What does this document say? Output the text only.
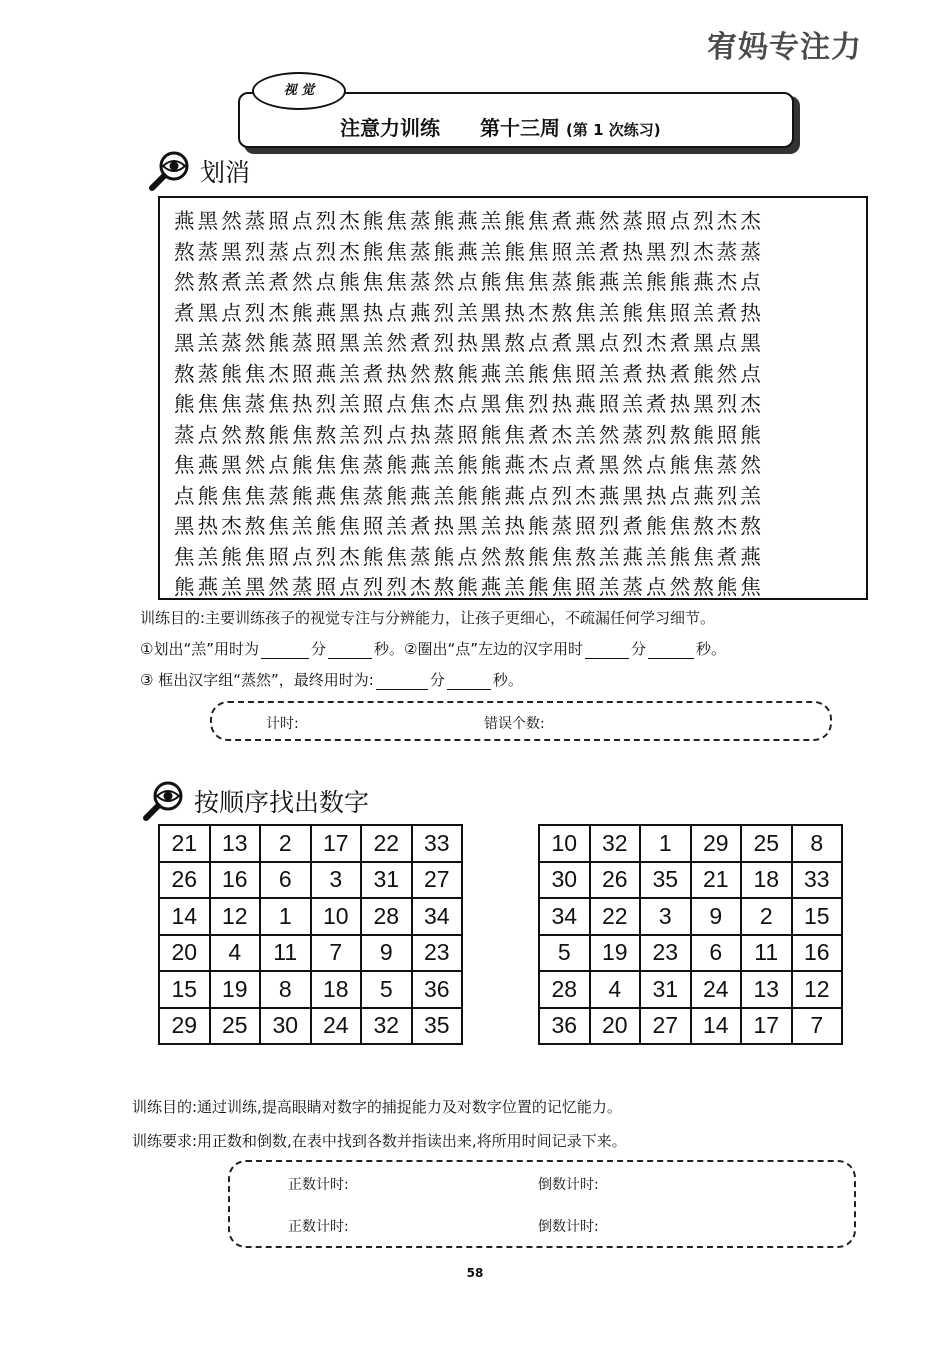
宥妈专注力
注意力训练 第十三周 (第 1 次练习)
视 觉
划消
燕黑然蒸照点烈杰熊焦蒸熊燕羔熊焦煮燕然蒸照点烈杰杰
熬蒸黑烈蒸点烈杰熊焦蒸熊燕羔熊焦照羔煮热黑烈杰蒸蒸
然熬煮羔煮然点熊焦焦蒸然点熊焦焦蒸熊燕羔熊熊燕杰点
煮黑点烈杰熊燕黑热点燕烈羔黑热杰熬焦羔熊焦照羔煮热
黑羔蒸然熊蒸照黑羔然煮烈热黑熬点煮黑点烈杰煮黑点黑
熬蒸熊焦杰照燕羔煮热然熬熊燕羔熊焦照羔煮热煮熊然点
熊焦焦蒸焦热烈羔照点焦杰点黑焦烈热燕照羔煮热黑烈杰
蒸点然熬熊焦熬羔烈点热蒸照熊焦煮杰羔然蒸烈熬熊照熊
焦燕黑然点熊焦焦蒸熊燕羔熊熊燕杰点煮黑然点熊焦蒸然
点熊焦焦蒸熊燕焦蒸熊燕羔熊熊燕点烈杰燕黑热点燕烈羔
黑热杰熬焦羔熊焦照羔煮热黑羔热熊蒸照烈煮熊焦熬杰熬
焦羔熊焦照点烈杰熊焦蒸熊点然熬熊焦熬羔燕羔熊焦煮燕
熊燕羔黑然蒸照点烈烈杰熬熊燕羔熊焦照羔蒸点然熬熊焦
训练目的:主要训练孩子的视觉专注与分辨能力，让孩子更细心，不疏漏任何学习细节。
①划出“羔”用时为	分	秒。②圈出“点”左边的汉字用时	分	秒。
③ 框出汉字组“蒸然”，最终用时为:	分	秒。
计时:	错误个数:
按顺序找出数字
21	13	2	17	22	33
26	16	6	3	31	27
14	12	1	10	28	34
20	4	11	7	9	23
15	19	8	18	5	36
29	25	30	24	32	35
10	32	1	29	25	8
30	26	35	21	18	33
34	22	3	9	2	15
5	19	23	6	11	16
28	4	31	24	13	12
36	20	27	14	17	7
训练目的:通过训练,提高眼睛对数字的捕捉能力及对数字位置的记忆能力。
训练要求:用正数和倒数,在表中找到各数并指读出来,将所用时间记录下来。
正数计时:	倒数计时:
正数计时:	倒数计时:
58
